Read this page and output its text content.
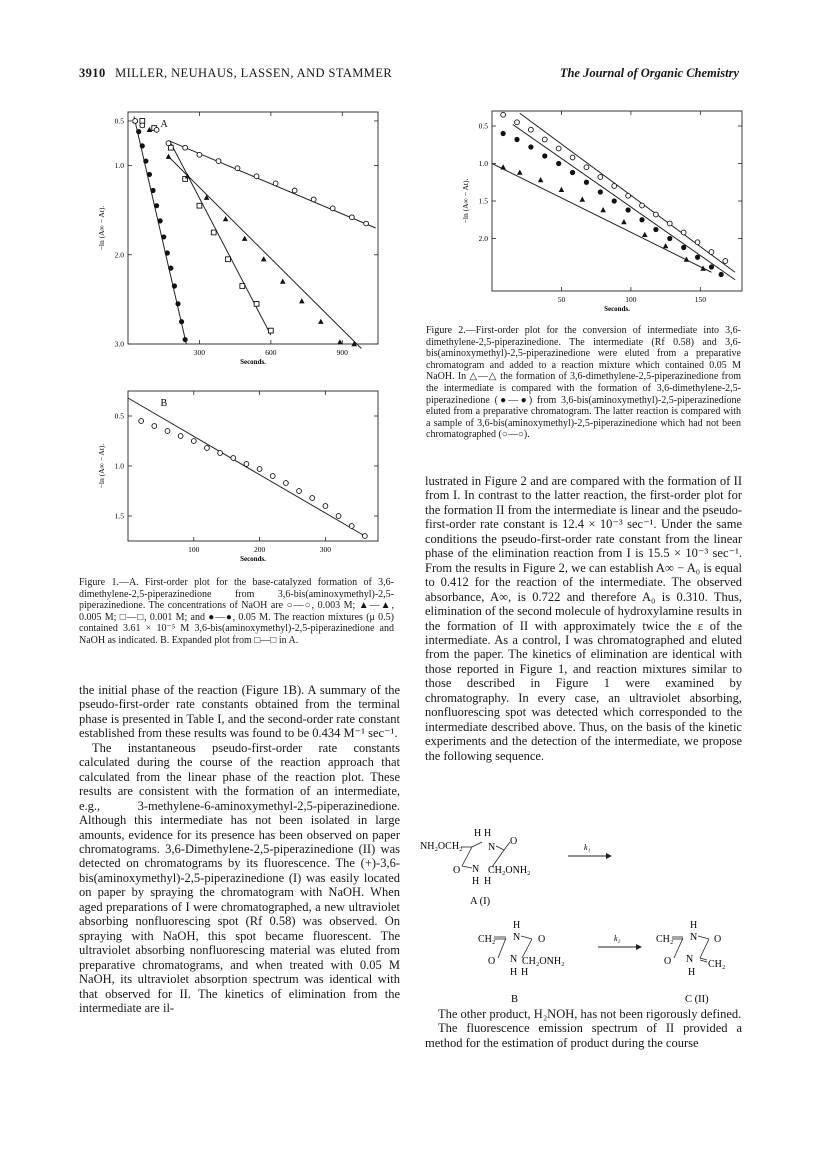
3910 MILLER, NEUHAUS, LASSEN, AND STAMMER	The Journal of Organic Chemistry
300	600	900
0.5
1.0
2.0
3.0
Seconds.
−ln (A∞ − At).
A
100	200	300
0.5
1.0
1.5
Seconds.
−ln (A∞ − At).
B
50	100	150
0.5
1.0
1.5
2.0
Seconds.
−ln (A∞ − At).
Figure 1.—A. First-order plot for the base-catalyzed formation of 3,6-dimethylene-2,5-piperazinedione from 3,6-bis(aminoxymethyl)-2,5-piperazinedione. The concentrations of NaOH are ○—○, 0.003 M; ▲—▲, 0.005 M; □—□, 0.001 M; and ●—●, 0.05 M. The reaction mixtures (μ 0.5) contained 3.61 × 10⁻⁵ M 3,6-bis(aminoxymethyl)-2,5-piperazinedione and NaOH as indicated. B. Expanded plot from □—□ in A.
Figure 2.—First-order plot for the conversion of intermediate into 3,6-dimethylene-2,5-piperazinedione. The intermediate (Rf 0.58) and 3,6-bis(aminoxymethyl)-2,5-piperazinedione were eluted from a preparative chromatogram and added to a reaction mixture which contained 0.05 M NaOH. In △—△ the formation of 3,6-dimethylene-2,5-piperazinedione from the intermediate is compared with the formation of 3,6-dimethylene-2,5-piperazinedione (●—●) from 3,6-bis(aminoxymethyl)-2,5-piperazinedione eluted from a preparative chromatogram. The latter reaction is compared with a sample of 3,6-bis(aminoxymethyl)-2,5-piperazinedione which had not been chromatographed (○—○).

the initial phase of the reaction (Figure 1B). A summary of the pseudo-first-order rate constants obtained from the terminal phase is presented in Table I, and the second-order rate constant established from these results was found to be 0.434 M⁻¹ sec⁻¹.

The instantaneous pseudo-first-order rate constants calculated during the course of the reaction approach that calculated from the linear phase of the reaction plot. These results are consistent with the formation of an intermediate, e.g., 3-methylene-6-aminoxymethyl-2,5-piperazinedione. Although this intermediate has not been isolated in large amounts, evidence for its presence has been observed on paper chromatograms. 3,6-Dimethylene-2,5-piperazinedione (II) was detected on chromatograms by its fluorescence. The (+)-3,6-bis(aminoxymethyl)-2,5-piperazinedione (I) was easily located on paper by spraying the chromatogram with NaOH. When aged preparations of I were chromatographed, a new ultraviolet absorbing nonfluorescing spot (Rf 0.58) was observed. On spraying with NaOH, this spot became fluorescent. The ultraviolet absorbing nonfluorescing material was eluted from preparative chromatograms, and when treated with 0.05 M NaOH, its ultraviolet absorption spectrum was identical with that observed for II. The kinetics of elimination from the intermediate are il-

lustrated in Figure 2 and are compared with the formation of II from I. In contrast to the latter reaction, the first-order plot for the formation II from the intermediate is linear and the pseudo-first-order rate constant is 12.4 × 10⁻³ sec⁻¹. Under the same conditions the pseudo-first-order rate constant from the linear phase of the elimination reaction from I is 15.5 × 10⁻³ sec⁻¹. From the results in Figure 2, we can establish A∞ − A₀ is equal to 0.412 for the reaction of the intermediate. The observed absorbance, A∞, is 0.722 and therefore A₀ is 0.310. Thus, elimination of the second molecule of hydroxylamine results in the formation of II with approximately twice the ε of the intermediate. As a control, I was chromatographed and eluted from the paper. The kinetics of elimination are identical with those reported in Figure 1, and reaction mixtures similar to those described in Figure 1 were examined by chromatography. In every case, an ultraviolet absorbing, nonfluorescing spot was detected which corresponded to the intermediate described above. Thus, on the basis of the kinetic experiments and the detection of the intermediate, we propose the following sequence.

The other product, H₂NOH, has not been rigorously defined.

The fluorescence emission spectrum of II provided a method for the estimation of product during the course

NH₂OCH₂
H H
N
O
O N CH₂ONH₂
H H
A (I)
k₁
CH₂
H
N O
O N CH₂ONH₂
H H
B
k₂	CH₂
H
N O
O N CH₂
H
C (II)
